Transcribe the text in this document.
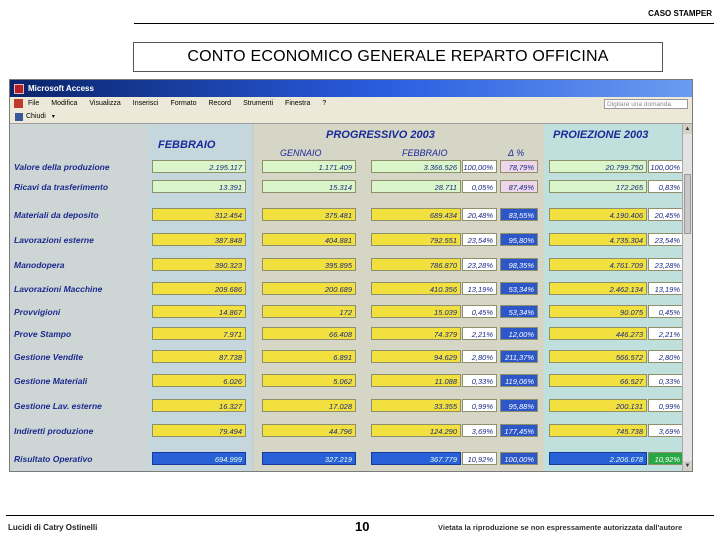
CASO STAMPER
CONTO ECONOMICO GENERALE REPARTO OFFICINA
Microsoft Access
File Modifica Visualizza Inserisci Formato Record Strumenti Finestra ?	Digitare una domanda.
Chiudi ▾
FEBBRAIO
PROGRESSIVO 2003	PROIEZIONE 2003
GENNAIO	FEBBRAIO	Δ %
Valore della produzione	2.195.117	1.171.409	3.366.526 100,00%	78,79%	20.799.750 100,00%
Ricavi da trasferimento	13.391	15.314	28.711	0,05%	87,49%	172.265	0,83%
Materiali da deposito	312.454	375.481	689.434	20,48%	83,55%	4.190.406	20,45%
Lavorazioni esterne	387.848	404.881	792.551	23,54%	95,80%	4.735.304	23,54%
Manodopera	390.323	395.895	786.870	23,28%	98,35%	4.761.709	23,28%
Lavorazioni Macchine	209.686	200.689	410.356	13,19%	53,34%	2.462.134	13,19%
Provvigioni	14.867	172	15.039	0,45%	53,34%	90.075	0,45%
Prove Stampo	7.971	66.408	74.379	2,21%	12,00%	446.273	2,21%
Gestione Vendite	87.738	6.891	94.629	2,80%	211,37%	566.572	2,80%
Gestione Materiali	6.026	5.062	11.088	0,33%	119,06%	66.527	0,33%
Gestione Lav. esterne	16.327	17.028	33.355	0,99%	95,88%	200.131	0,99%
Indiretti produzione	79.494	44.796	124.290	3,69%	177,45%	745.738	3,69%
Risultato Operativo	694.999	327.219	367.779	10,92%	100,00%	2.206.678	10,92%
▲
▼
Lucidi di Catry Ostinelli	10	Vietata la riproduzione se non espressamente autorizzata dall'autore
